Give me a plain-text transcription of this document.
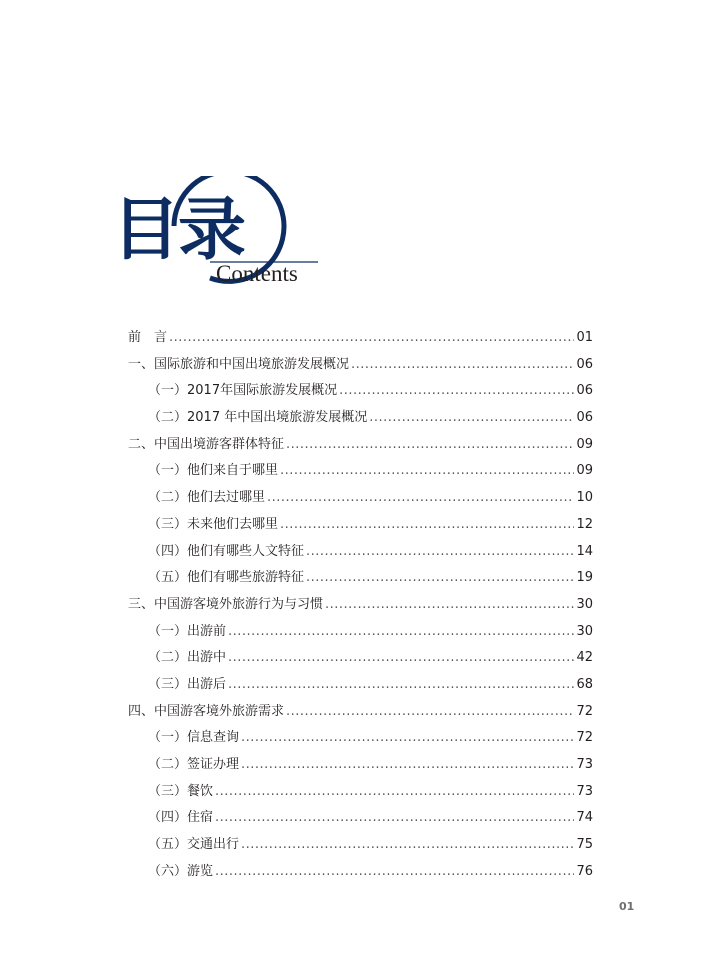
目录
Contents
前　言 .....	01
一、国际旅游和中国出境旅游发展概况 .....	06
（一）2017年国际旅游发展概况 .....	06
（二）2017 年中国出境旅游发展概况 .....	06
二、中国出境游客群体特征 .....	09
（一）他们来自于哪里 .....	09
（二）他们去过哪里 .....	10
（三）未来他们去哪里 .....	12
（四）他们有哪些人文特征 .....	14
（五）他们有哪些旅游特征 .....	19
三、中国游客境外旅游行为与习惯 .....	30
（一）出游前 .....	30
（二）出游中 .....	42
（三）出游后 .....	68
四、中国游客境外旅游需求 .....	72
（一）信息查询 .....	72
（二）签证办理 .....	73
（三）餐饮 .....	73
（四）住宿 .....	74
（五）交通出行 .....	75
（六）游览 .....	76
01
